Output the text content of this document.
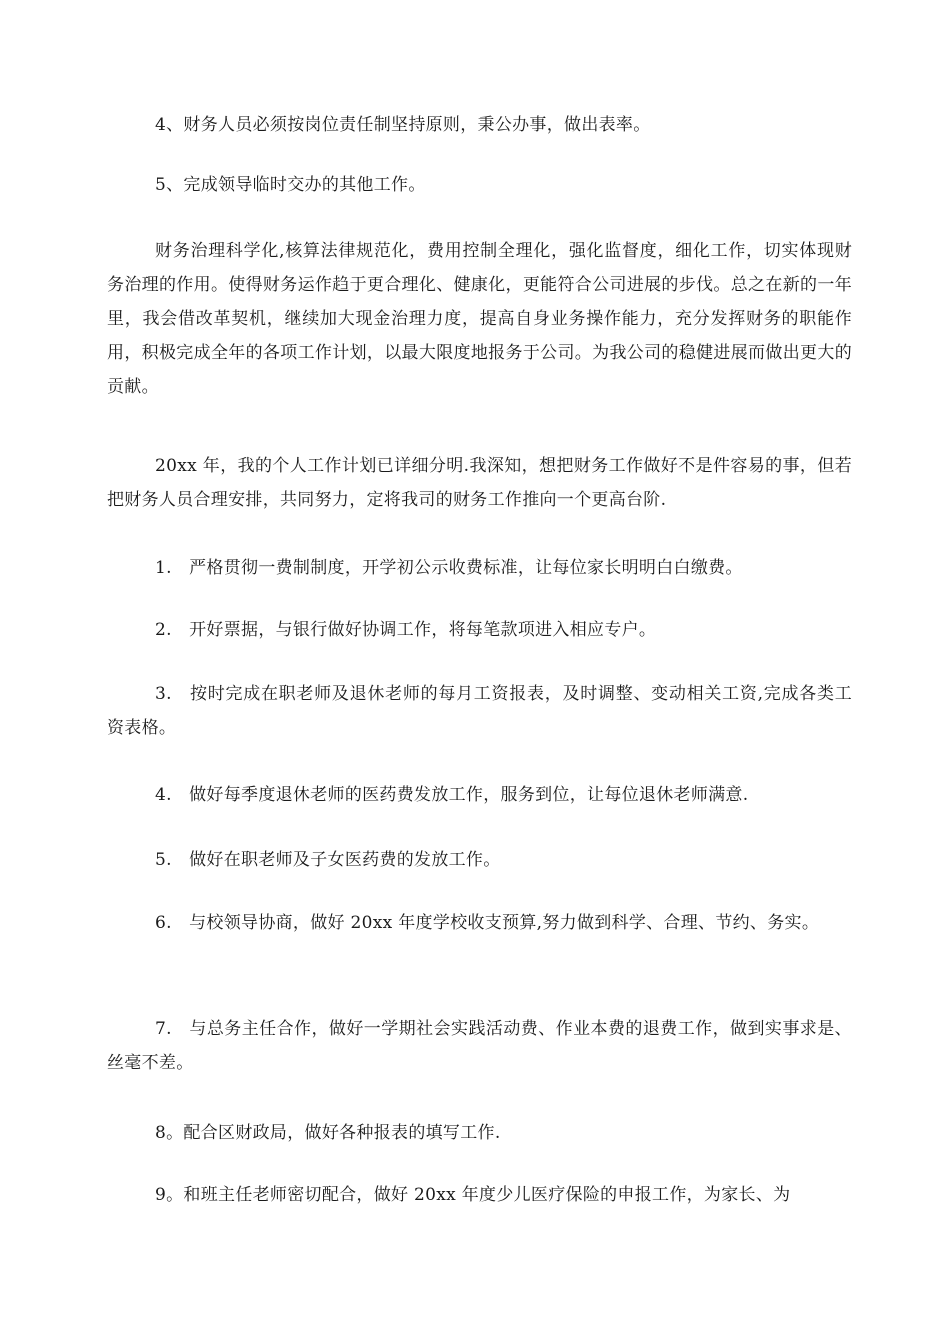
4、财务人员必须按岗位责任制坚持原则，秉公办事，做出表率。

5、完成领导临时交办的其他工作。

财务治理科学化,核算法律规范化，费用控制全理化，强化监督度，细化工作，切实体现财务治理的作用。使得财务运作趋于更合理化、健康化，更能符合公司进展的步伐。总之在新的一年里，我会借改革契机，继续加大现金治理力度，提高自身业务操作能力，充分发挥财务的职能作用，积极完成全年的各项工作计划，以最大限度地报务于公司。为我公司的稳健进展而做出更大的贡献。

20xx 年，我的个人工作计划已详细分明.我深知，想把财务工作做好不是件容易的事，但若把财务人员合理安排，共同努力，定将我司的财务工作推向一个更高台阶.

1.　严格贯彻一费制制度，开学初公示收费标准，让每位家长明明白白缴费。

2.　开好票据，与银行做好协调工作，将每笔款项进入相应专户。

3.　按时完成在职老师及退休老师的每月工资报表，及时调整、变动相关工资,完成各类工资表格。

4.　做好每季度退休老师的医药费发放工作，服务到位，让每位退休老师满意.

5.　做好在职老师及子女医药费的发放工作。

6.　与校领导协商，做好 20xx 年度学校收支预算,努力做到科学、合理、节约、务实。

7.　与总务主任合作，做好一学期社会实践活动费、作业本费的退费工作，做到实事求是、丝毫不差。

8。配合区财政局，做好各种报表的填写工作.

9。和班主任老师密切配合，做好 20xx 年度少儿医疗保险的申报工作，为家长、为
